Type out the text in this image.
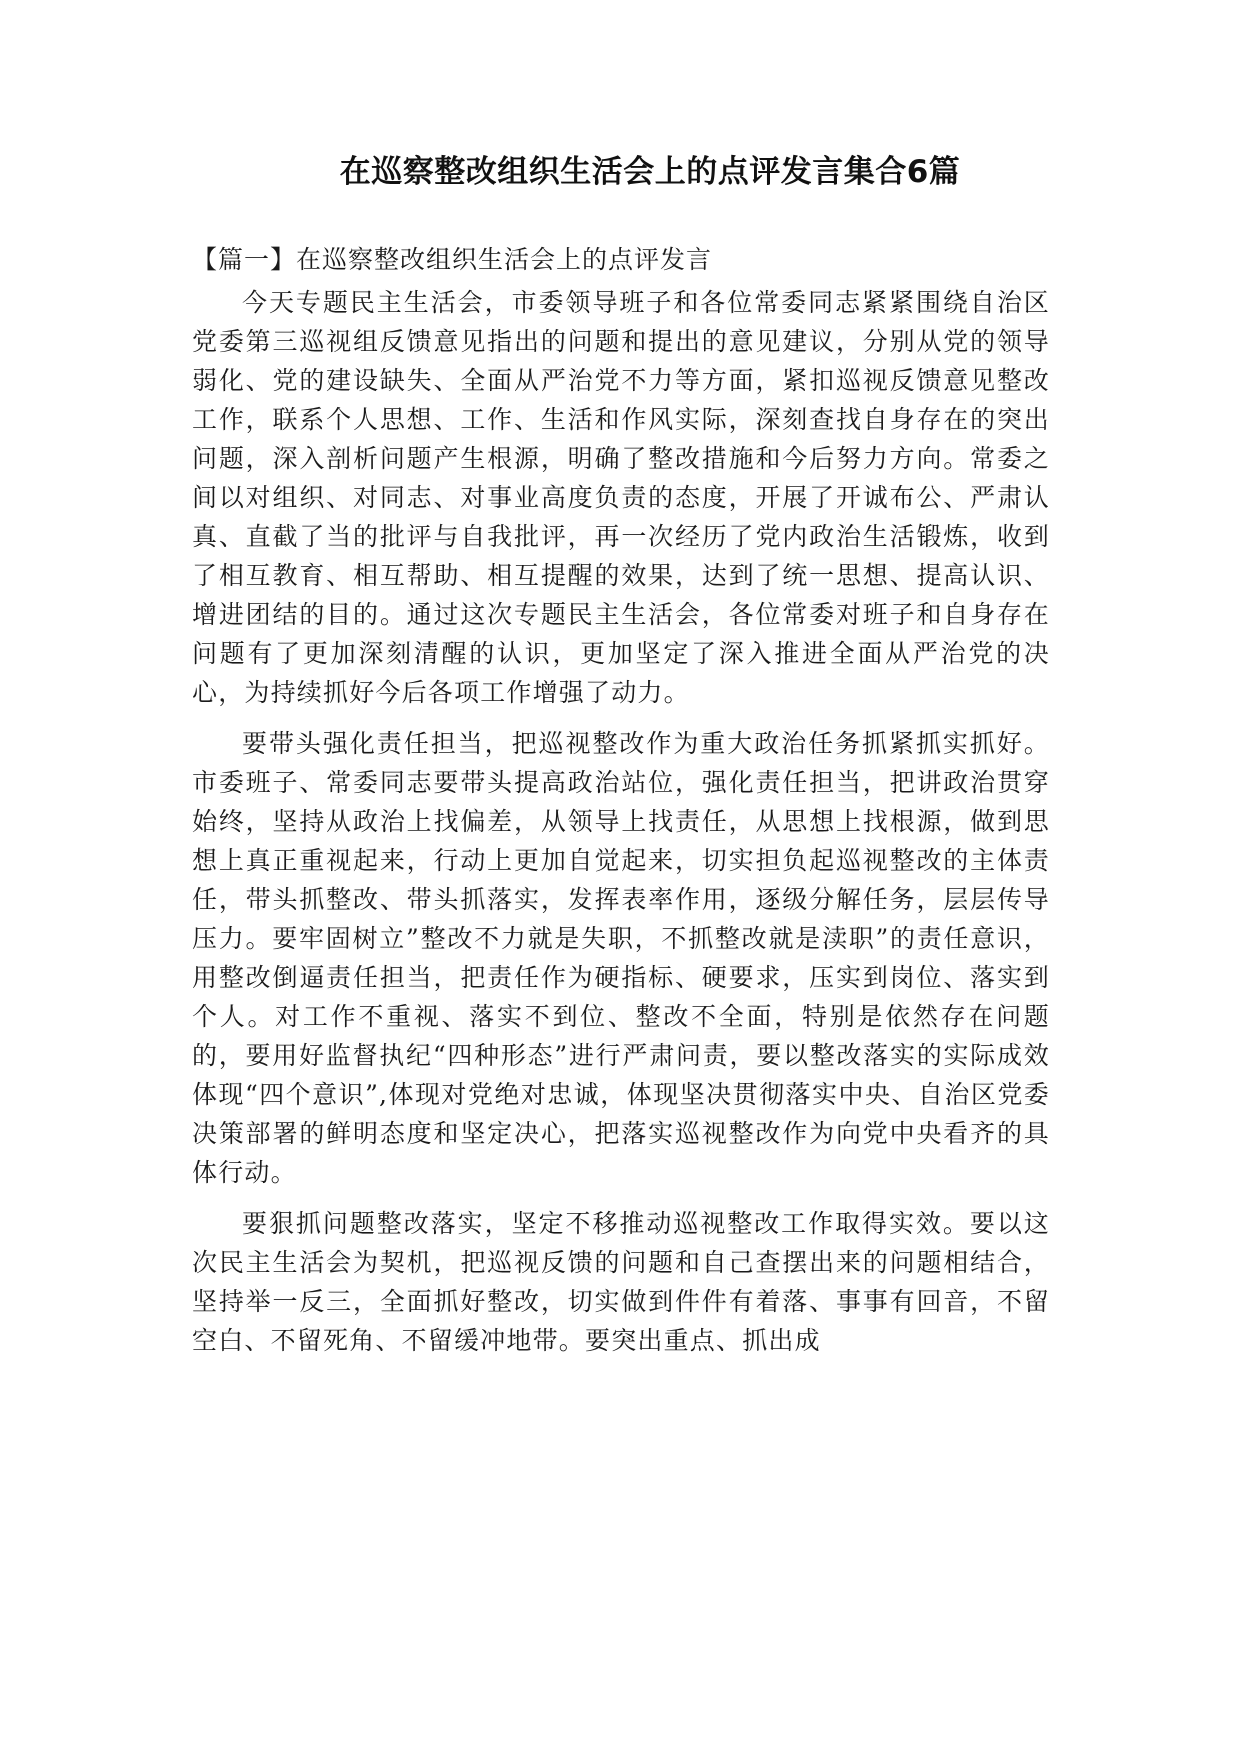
在巡察整改组织生活会上的点评发言集合6篇
【篇一】在巡察整改组织生活会上的点评发言

今天专题民主生活会，市委领导班子和各位常委同志紧紧围绕自治区党委第三巡视组反馈意见指出的问题和提出的意见建议，分别从党的领导弱化、党的建设缺失、全面从严治党不力等方面，紧扣巡视反馈意见整改工作，联系个人思想、工作、生活和作风实际，深刻查找自身存在的突出问题，深入剖析问题产生根源，明确了整改措施和今后努力方向。常委之间以对组织、对同志、对事业高度负责的态度，开展了开诚布公、严肃认真、直截了当的批评与自我批评，再一次经历了党内政治生活锻炼，收到了相互教育、相互帮助、相互提醒的效果，达到了统一思想、提高认识、增进团结的目的。通过这次专题民主生活会，各位常委对班子和自身存在问题有了更加深刻清醒的认识，更加坚定了深入推进全面从严治党的决心，为持续抓好今后各项工作增强了动力。

要带头强化责任担当，把巡视整改作为重大政治任务抓紧抓实抓好。市委班子、常委同志要带头提高政治站位，强化责任担当，把讲政治贯穿始终，坚持从政治上找偏差，从领导上找责任，从思想上找根源，做到思想上真正重视起来，行动上更加自觉起来，切实担负起巡视整改的主体责任，带头抓整改、带头抓落实，发挥表率作用，逐级分解任务，层层传导压力。要牢固树立”整改不力就是失职，不抓整改就是渎职”的责任意识，用整改倒逼责任担当，把责任作为硬指标、硬要求，压实到岗位、落实到个人。对工作不重视、落实不到位、整改不全面，特别是依然存在问题的，要用好监督执纪“四种形态”进行严肃问责，要以整改落实的实际成效体现“四个意识”,体现对党绝对忠诚，体现坚决贯彻落实中央、自治区党委决策部署的鲜明态度和坚定决心，把落实巡视整改作为向党中央看齐的具体行动。

要狠抓问题整改落实，坚定不移推动巡视整改工作取得实效。要以这次民主生活会为契机，把巡视反馈的问题和自己查摆出来的问题相结合，坚持举一反三，全面抓好整改，切实做到件件有着落、事事有回音，不留空白、不留死角、不留缓冲地带。要突出重点、抓出成
